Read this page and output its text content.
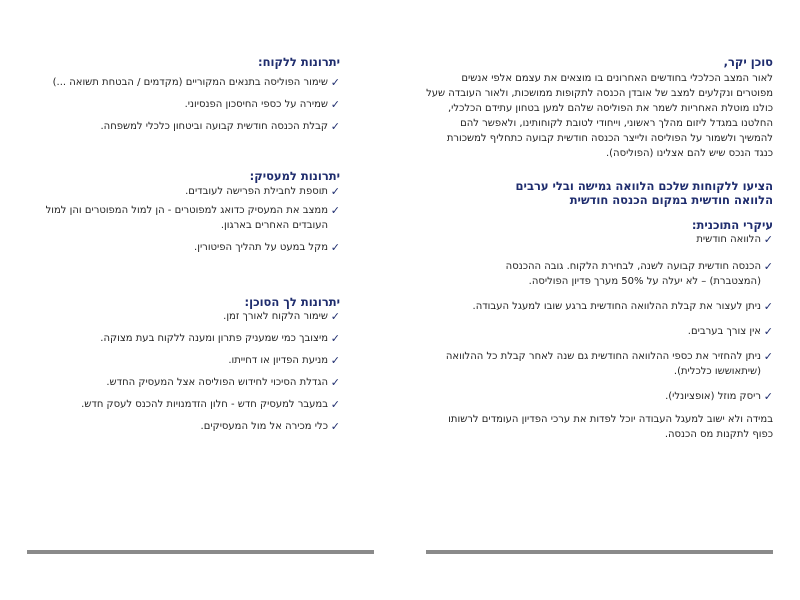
סוכן יקר,

לאור המצב הכלכלי בחודשים האחרונים בו מוצאים את עצמם אלפי אנשים מפוטרים ונקלעים למצב של אובדן הכנסה לתקופות ממושכות, ולאור העובדה שעל כולנו מוטלת האחריות לשמר את הפוליסה שלהם למען בטחון עתידם הכלכלי, החלטנו במגדל ליזום מהלך ראשוני, וייחודי לטובת לקוחותינו, ולאפשר להם להמשיך ולשמור על הפוליסה ולייצר הכנסה חודשית קבועה כתחליף למשכורת כנגד הנכס שיש להם אצלינו (הפוליסה).

הציעו ללקוחות שלכם הלוואה גמישה ובלי ערבים

הלוואה חודשית במקום הכנסה חודשית

עיקרי התוכנית:

✓
הלוואה חודשית
✓
הכנסה חודשית קבועה לשנה, לבחירת הלקוח. גובה ההכנסה
(המצטברת) – לא יעלה על 50% מערך פדיון הפוליסה.
✓
ניתן לעצור את קבלת ההלוואה החודשית ברגע שובו למעגל העבודה.
✓
אין צורך בערבים.
✓
ניתן להחזיר את כספי ההלוואה החודשית גם שנה לאחר קבלת כל ההלוואה
(שיתאוששו כלכלית).
✓
ריסק מוזל (אופציונלי).

במידה ולא ישוב למעגל העבודה יוכל לפדות את ערכי הפדיון העומדים לרשותו כפוף לתקנות מס הכנסה.

יתרונות ללקוח:

✓
שימור הפוליסה בתנאים המקוריים (מקדמים / הבטחת תשואה ...)
✓
שמירה על כספי החיסכון הפנסיוני.
✓
קבלת הכנסה חודשית קבועה וביטחון כלכלי למשפחה.

יתרונות למעסיק:

✓
תוספת לחבילת הפרישה לעובדים.
✓
ממצב את המעסיק כדואג למפוטרים - הן למול המפוטרים והן למול
העובדים האחרים בארגון.
✓
מקל במעט על תהליך הפיטורין.

יתרונות לך הסוכן:

✓
שימור הלקוח לאורך זמן.
✓
מיצובך כמי שמעניק פתרון ומענה ללקוח בעת מצוקה.
✓
מניעת הפדיון או דחייתו.
✓
הגדלת הסיכוי לחידוש הפוליסה אצל המעסיק החדש.
✓
במעבר למעסיק חדש - חלון הזדמנויות להכנס לעסק חדש.
✓
כלי מכירה אל מול המעסיקים.
